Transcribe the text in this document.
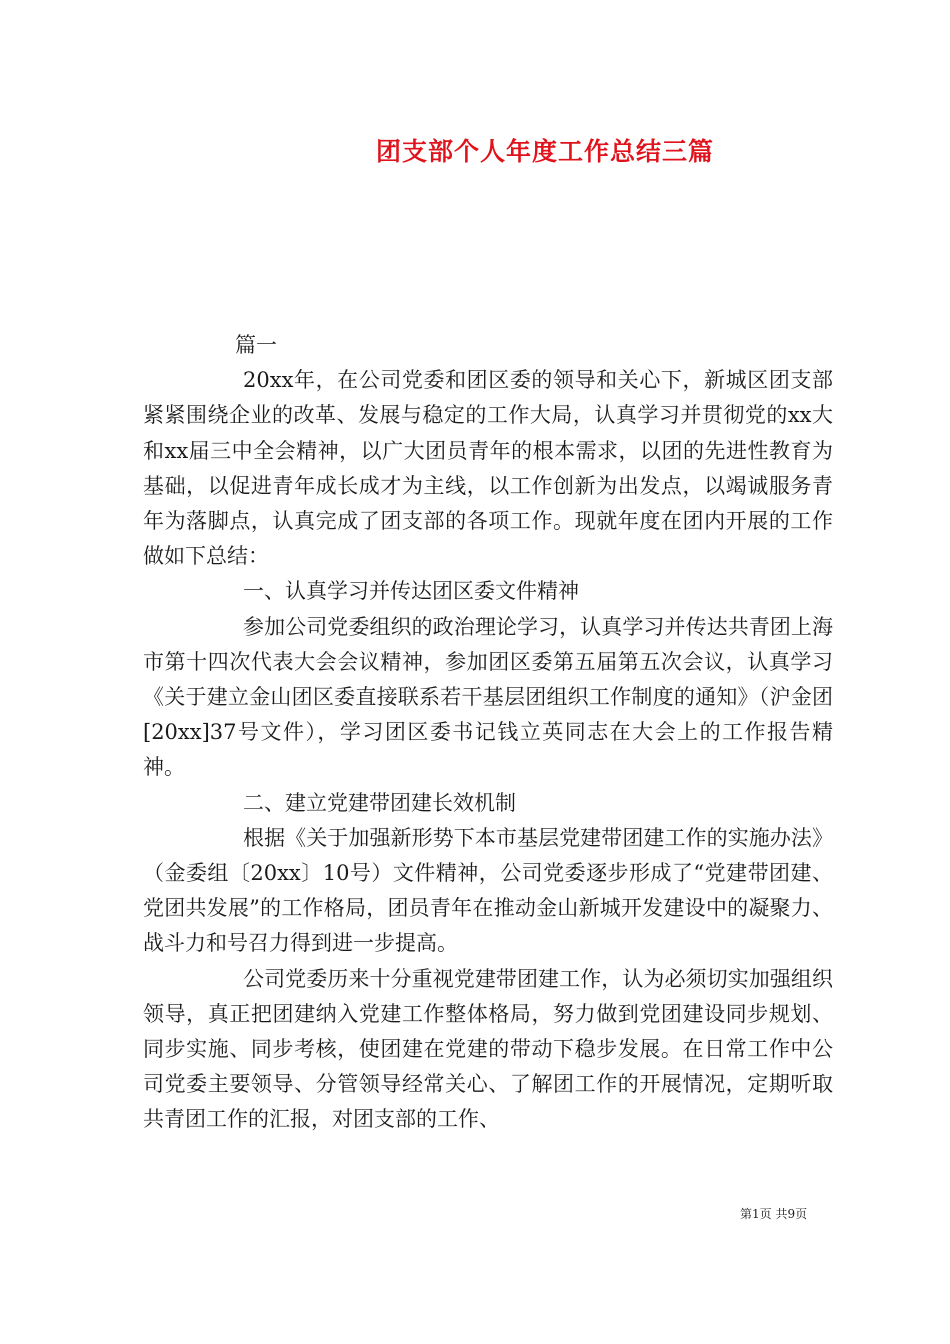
团支部个人年度工作总结三篇

篇一

20xx年，在公司党委和团区委的领导和关心下，新城区团支部紧紧围绕企业的改革、发展与稳定的工作大局，认真学习并贯彻党的xx大和xx届三中全会精神，以广大团员青年的根本需求，以团的先进性教育为基础，以促进青年成长成才为主线，以工作创新为出发点，以竭诚服务青年为落脚点，认真完成了团支部的各项工作。现就年度在团内开展的工作做如下总结：

一、认真学习并传达团区委文件精神

参加公司党委组织的政治理论学习，认真学习并传达共青团上海市第十四次代表大会会议精神，参加团区委第五届第五次会议，认真学习《关于建立金山团区委直接联系若干基层团组织工作制度的通知》（沪金团[20xx]37号文件），学习团区委书记钱立英同志在大会上的工作报告精神。

二、建立党建带团建长效机制

根据《关于加强新形势下本市基层党建带团建工作的实施办法》（金委组〔20xx〕10号）文件精神，公司党委逐步形成了“党建带团建、党团共发展”的工作格局，团员青年在推动金山新城开发建设中的凝聚力、战斗力和号召力得到进一步提高。

公司党委历来十分重视党建带团建工作，认为必须切实加强组织领导，真正把团建纳入党建工作整体格局，努力做到党团建设同步规划、同步实施、同步考核，使团建在党建的带动下稳步发展。在日常工作中公司党委主要领导、分管领导经常关心、了解团工作的开展情况，定期听取共青团工作的汇报，对团支部的工作、

第1页 共9页
